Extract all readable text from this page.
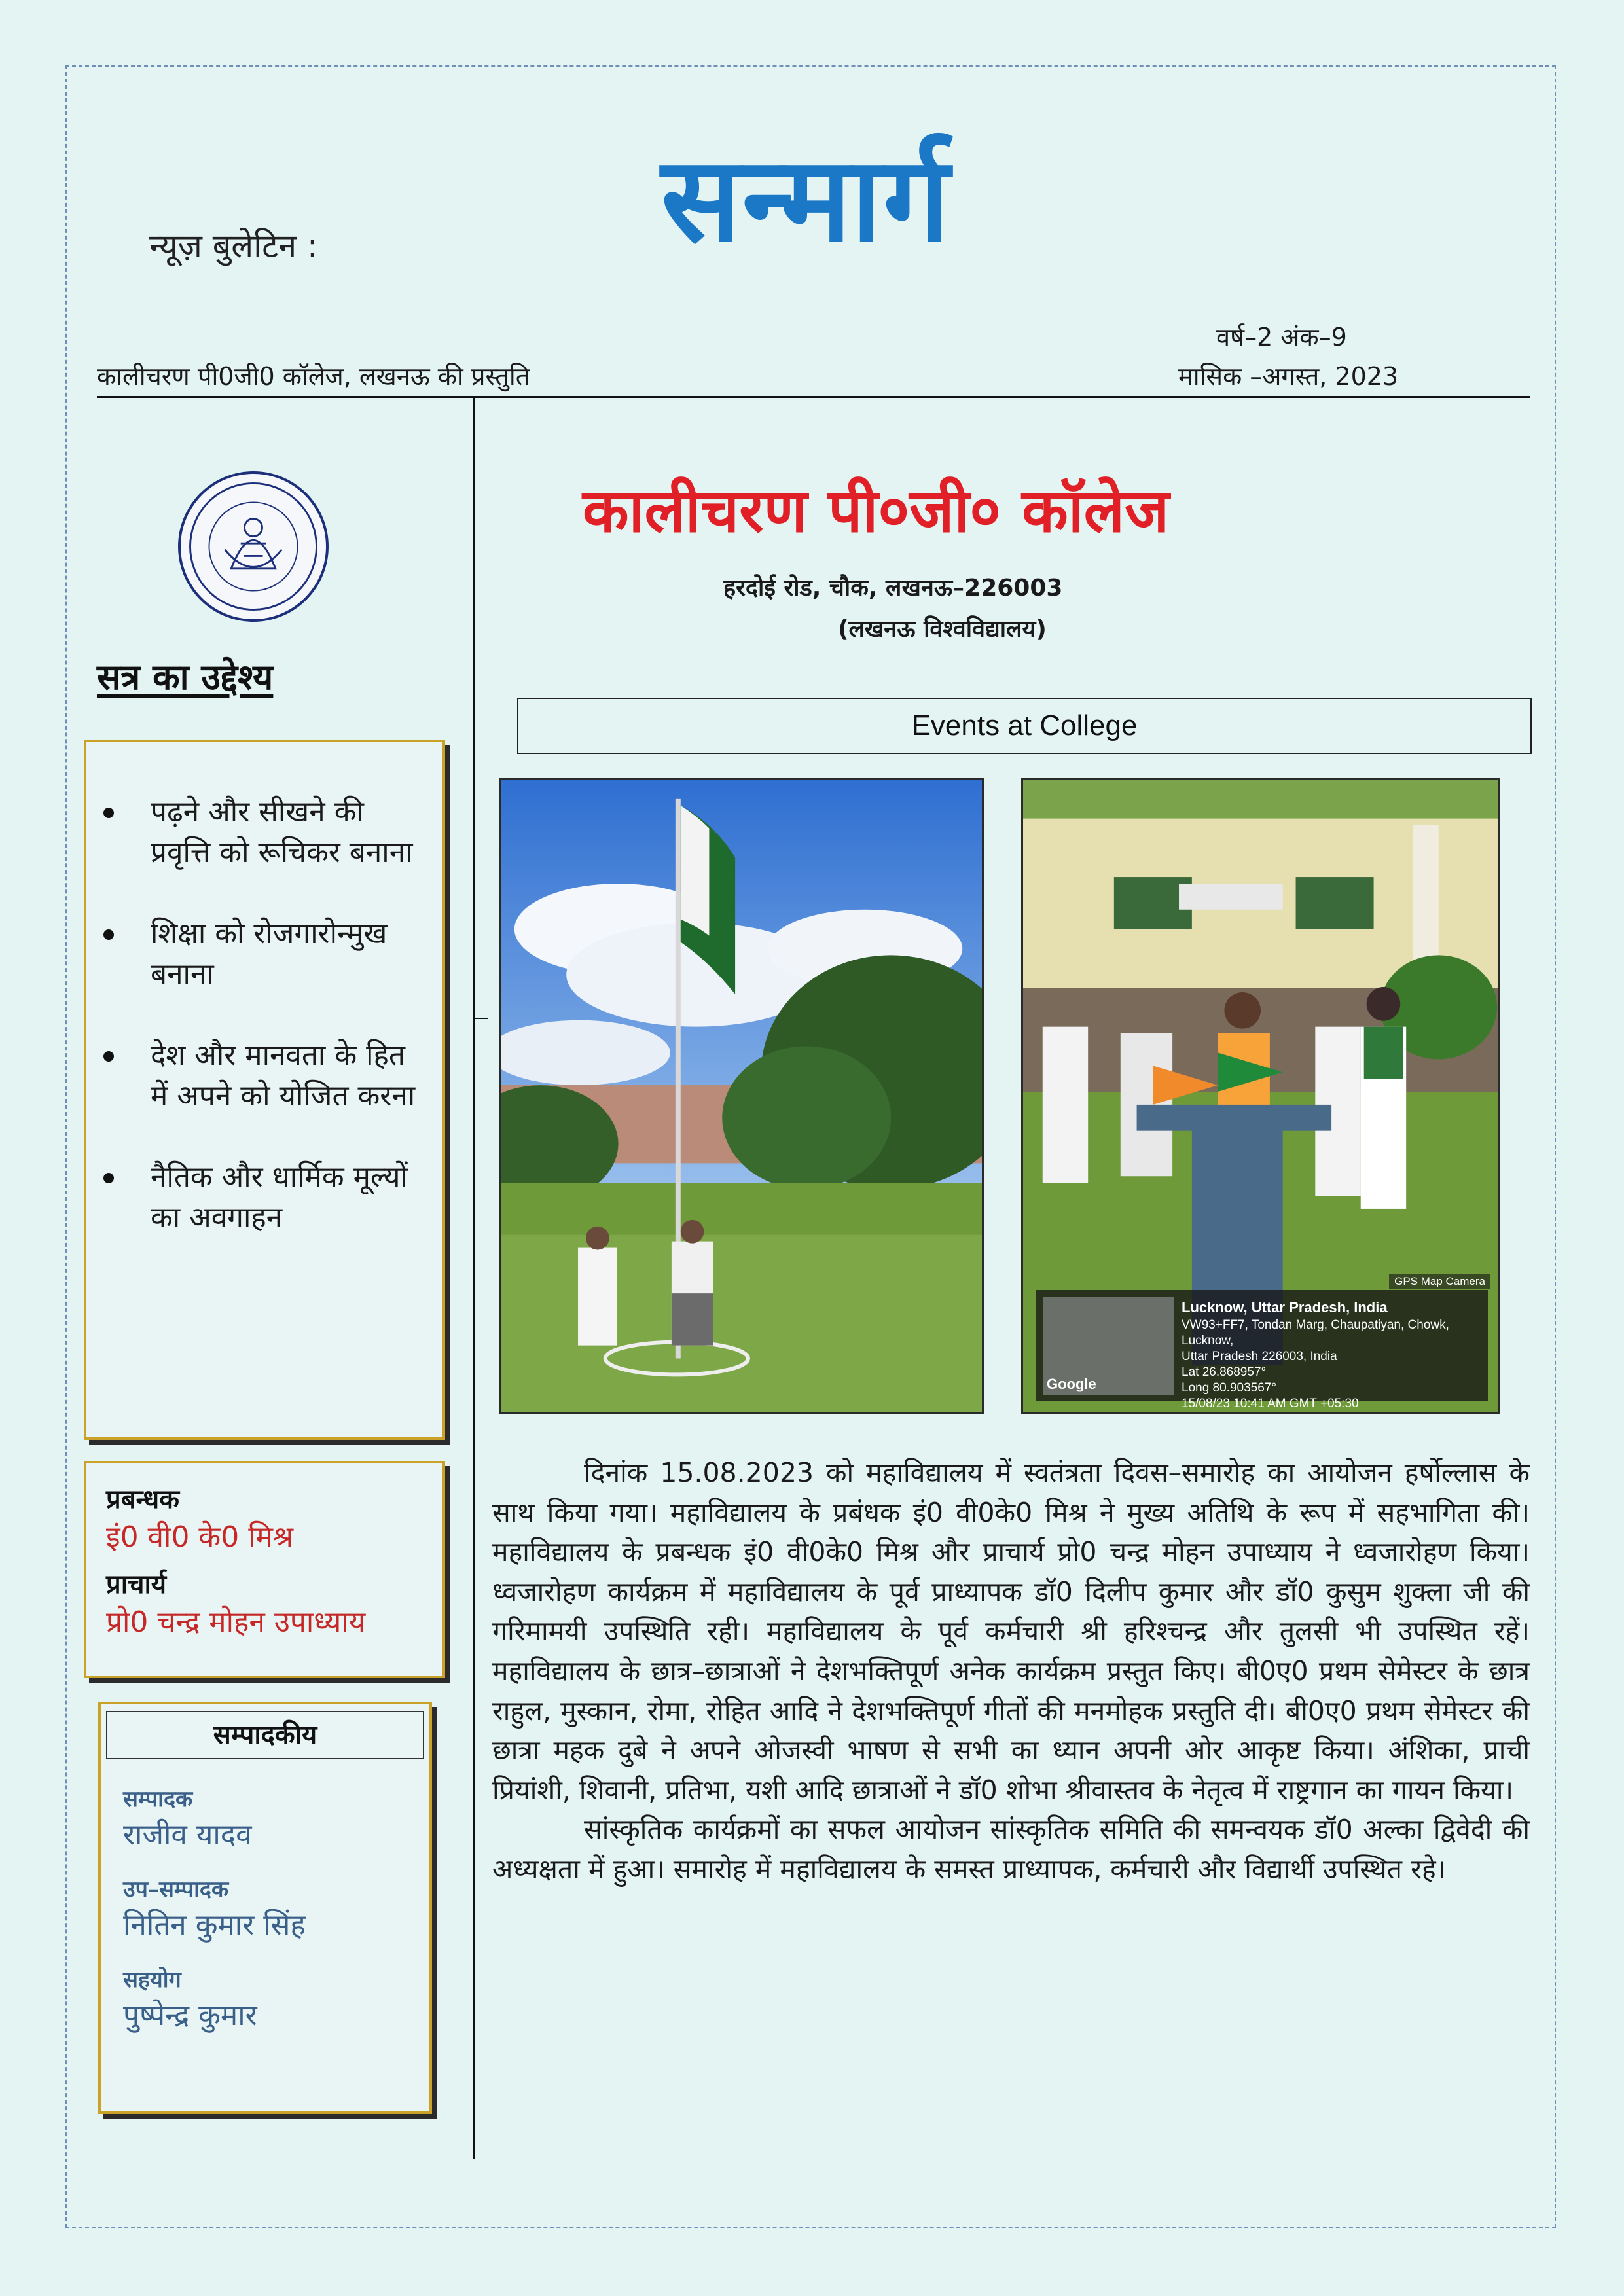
न्यूज़ बुलेटिन :	सन्मार्ग
वर्ष–2 अंक–9
कालीचरण पी0जी0 कॉलेज, लखनऊ की प्रस्तुति	मासिक –अगस्त, 2023
सत्र का उद्देश्य
पढ़ने और सीखने की प्रवृत्ति को रूचिकर बनाना
शिक्षा को रोजगारोन्मुख बनाना
देश और मानवता के हित में अपने को योजित करना
नैतिक और धार्मिक मूल्यों का अवगाहन
प्रबन्धक
इं0 वी0 के0 मिश्र
प्राचार्य
प्रो0 चन्द्र मोहन उपाध्याय
सम्पादकीय
सम्पादक
राजीव यादव
उप–सम्पादक
नितिन कुमार सिंह
सहयोग
पुष्पेन्द्र कुमार
कालीचरण पी०जी० कॉलेज
हरदोई रोड, चौक, लखनऊ–226003
(लखनऊ विश्वविद्यालय)
Events at College
GPS Map Camera
Google
Lucknow, Uttar Pradesh, India
VW93+FF7, Tondan Marg, Chaupatiyan, Chowk, Lucknow,
Uttar Pradesh 226003, India
Lat 26.868957°
Long 80.903567°
15/08/23 10:41 AM GMT +05:30

दिनांक 15.08.2023 को महाविद्यालय में स्वतंत्रता दिवस–समारोह का आयोजन हर्षोल्लास के साथ किया गया। महाविद्यालय के प्रबंधक इं0 वी0के0 मिश्र ने मुख्य अतिथि के रूप में सहभागिता की। महाविद्यालय के प्रबन्धक इं0 वी0के0 मिश्र और प्राचार्य प्रो0 चन्द्र मोहन उपाध्याय ने ध्वजारोहण किया। ध्वजारोहण कार्यक्रम में महाविद्यालय के पूर्व प्राध्यापक डॉ0 दिलीप कुमार और डॉ0 कुसुम शुक्ला जी की गरिमामयी उपस्थिति रही। महाविद्यालय के पूर्व कर्मचारी श्री हरिश्चन्द्र और तुलसी भी उपस्थित रहें। महाविद्यालय के छात्र–छात्राओं ने देशभक्तिपूर्ण अनेक कार्यक्रम प्रस्तुत किए। बी0ए0 प्रथम सेमेस्टर के छात्र राहुल, मुस्कान, रोमा, रोहित आदि ने देशभक्तिपूर्ण गीतों की मनमोहक प्रस्तुति दी। बी0ए0 प्रथम सेमेस्टर की छात्रा महक दुबे ने अपने ओजस्वी भाषण से सभी का ध्यान अपनी ओर आकृष्ट किया। अंशिका, प्राची प्रियांशी, शिवानी, प्रतिभा, यशी आदि छात्राओं ने डॉ0 शोभा श्रीवास्तव के नेतृत्व में राष्ट्रगान का गायन किया।

सांस्कृतिक कार्यक्रमों का सफल आयोजन सांस्कृतिक समिति की समन्वयक डॉ0 अल्का द्विवेदी की अध्यक्षता में हुआ। समारोह में महाविद्यालय के समस्त प्राध्यापक, कर्मचारी और विद्यार्थी उपस्थित रहे।
